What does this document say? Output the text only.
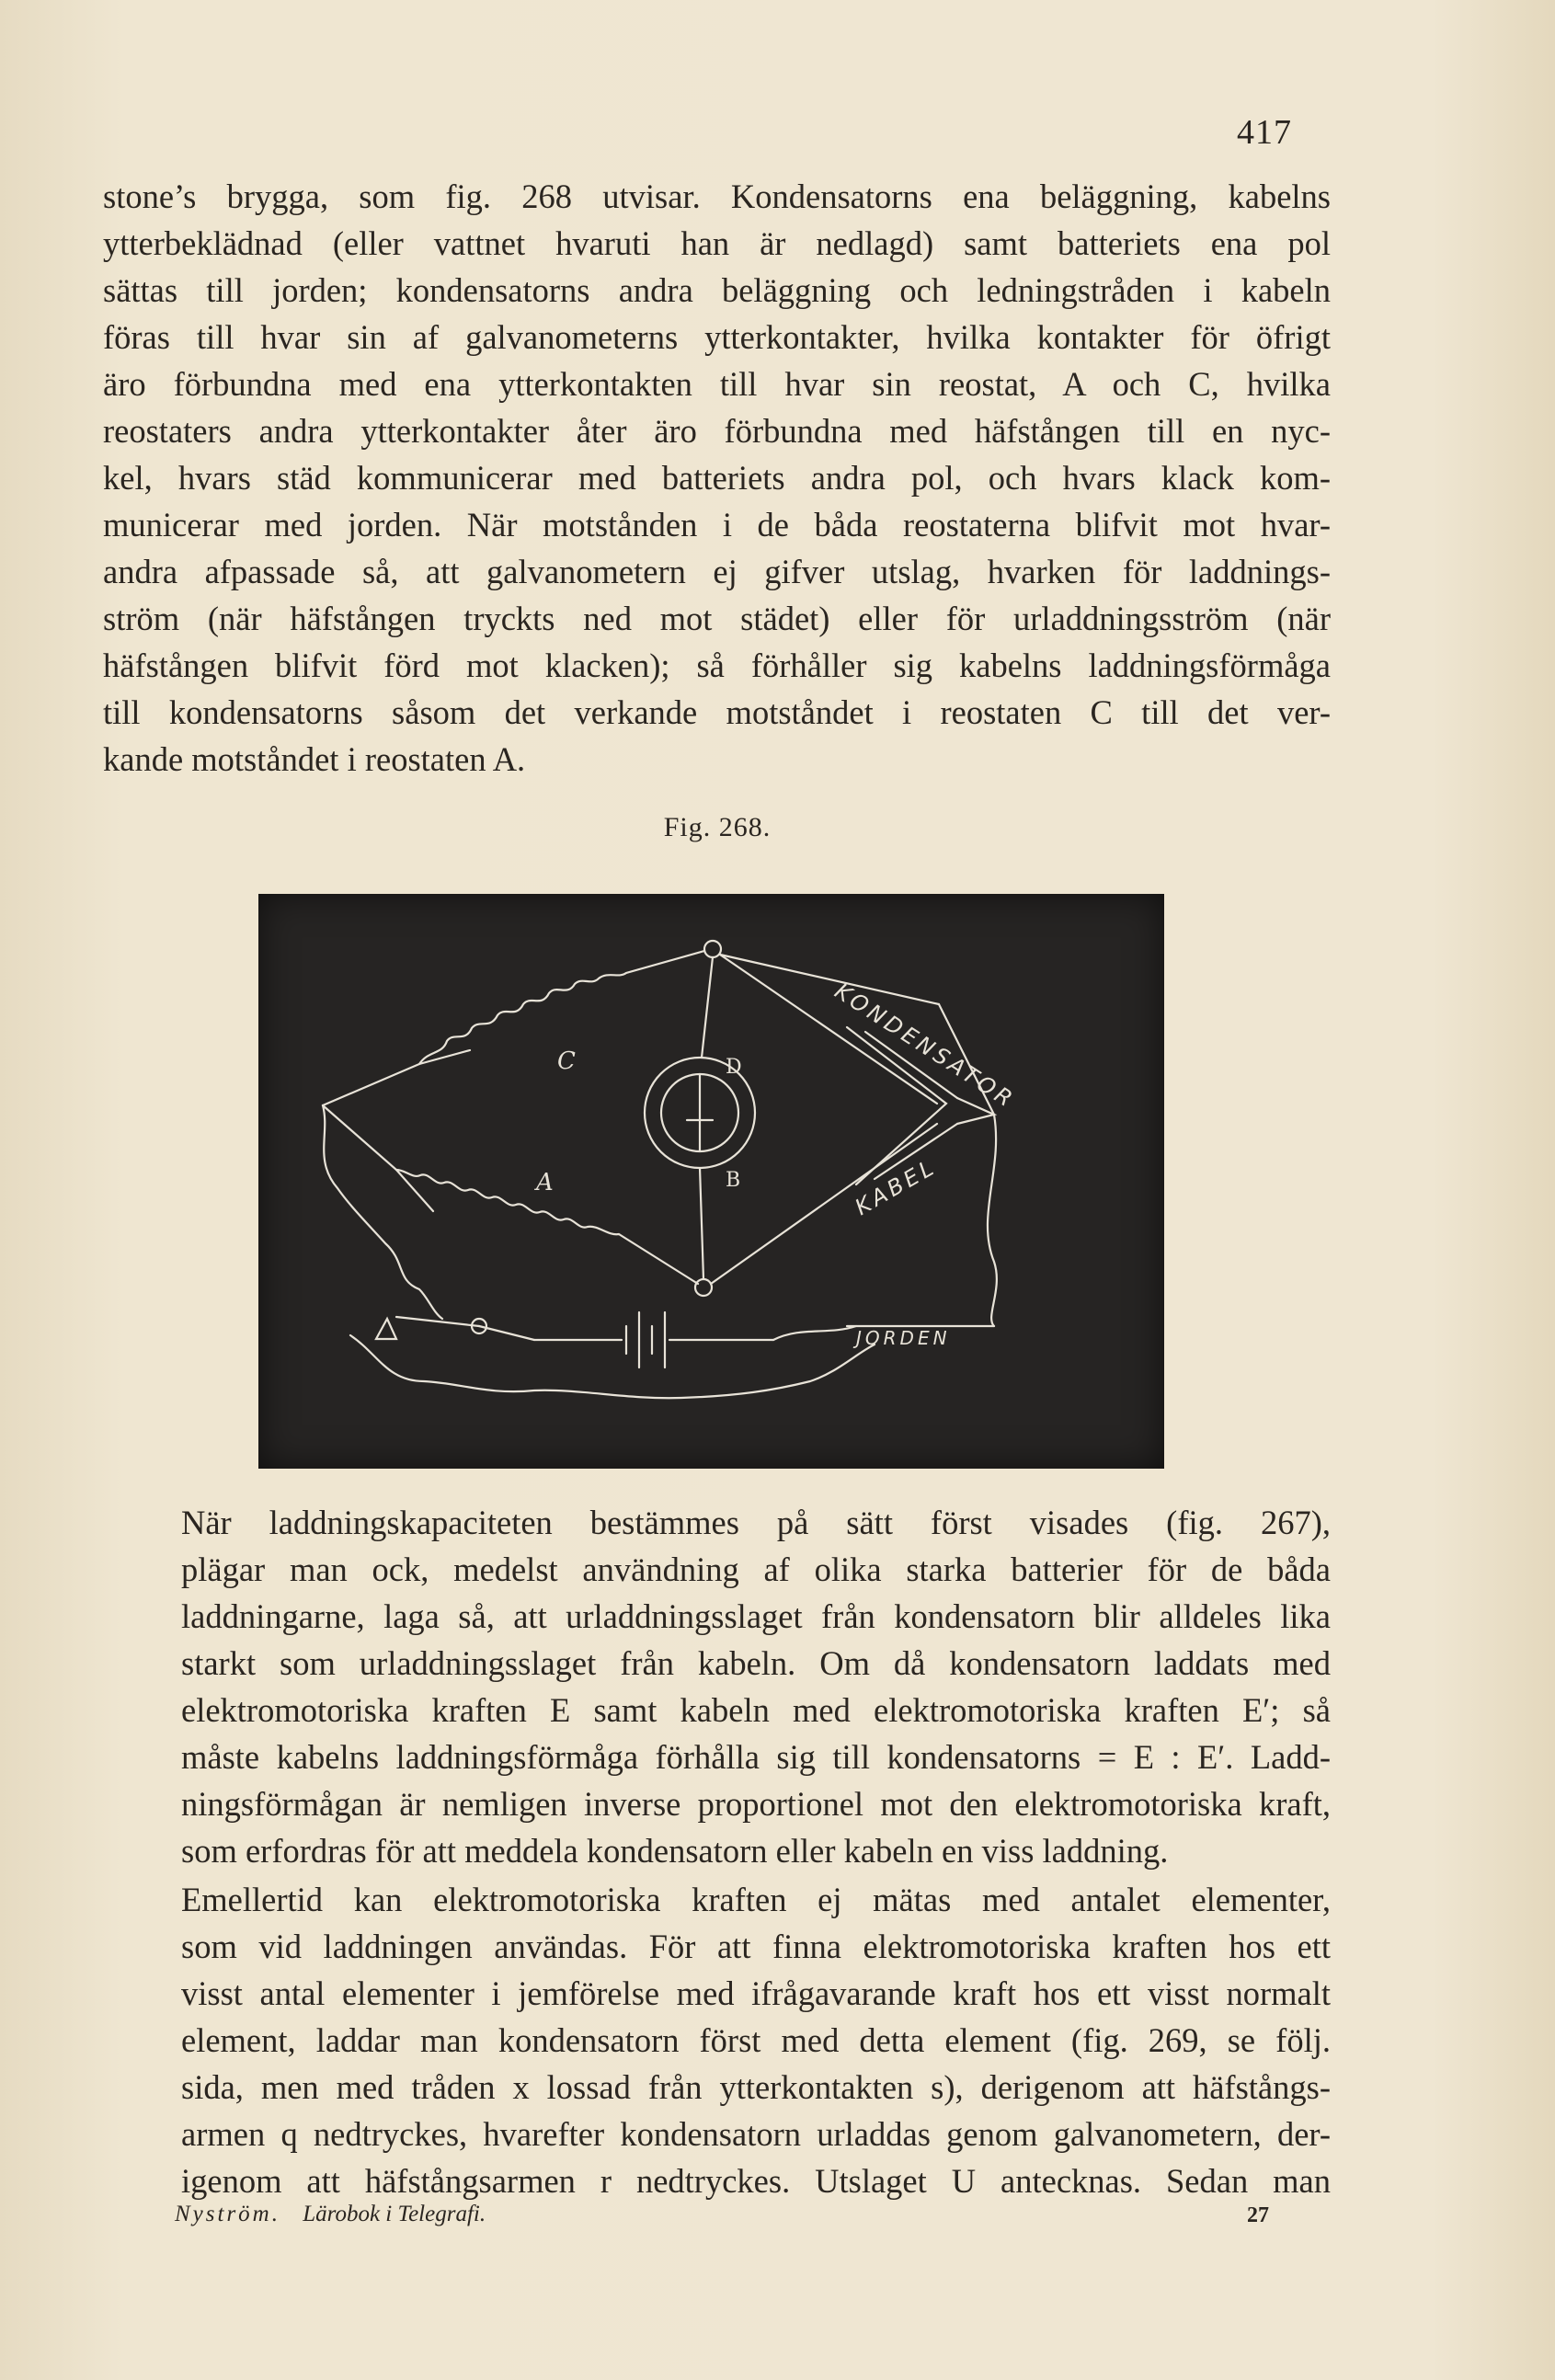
417
stone’s brygga, som fig. 268 utvisar. Kondensatorns ena beläggning, kabelns
ytterbeklädnad (eller vattnet hvaruti han är nedlagd) samt batteriets ena pol
sättas till jorden; kondensatorns andra beläggning och ledningstråden i kabeln
föras till hvar sin af galvanometerns ytterkontakter, hvilka kontakter för öfrigt
äro förbundna med ena ytterkontakten till hvar sin reostat, A och C, hvilka
reostaters andra ytterkontakter åter äro förbundna med häfstången till en nyc-
kel, hvars städ kommunicerar med batteriets andra pol, och hvars klack kom-
municerar med jorden. När motstånden i de båda reostaterna blifvit mot hvar-
andra afpassade så, att galvanometern ej gifver utslag, hvarken för laddnings-
ström (när häfstången tryckts ned mot städet) eller för urladdningsström (när
häfstången blifvit förd mot klacken); så förhåller sig kabelns laddningsförmåga
till kondensatorns såsom det verkande motståndet i reostaten C till det ver-
kande motståndet i reostaten A.
Fig. 268.
C	D
A	B
KONDENSATOR
KABEL
JORDEN
När laddningskapaciteten bestämmes på sätt först visades (fig. 267),
plägar man ock, medelst användning af olika starka batterier för de båda
laddningarne, laga så, att urladdningsslaget från kondensatorn blir alldeles lika
starkt som urladdningsslaget från kabeln. Om då kondensatorn laddats med
elektromotoriska kraften E samt kabeln med elektromotoriska kraften E′; så
måste kabelns laddningsförmåga förhålla sig till kondensatorns = E : E′. Ladd-
ningsförmågan är nemligen inverse proportionel mot den elektromotoriska kraft,
som erfordras för att meddela kondensatorn eller kabeln en viss laddning.
Emellertid kan elektromotoriska kraften ej mätas med antalet elementer,
som vid laddningen användas. För att finna elektromotoriska kraften hos ett
visst antal elementer i jemförelse med ifrågavarande kraft hos ett visst normalt
element, laddar man kondensatorn först med detta element (fig. 269, se följ.
sida, men med tråden x lossad från ytterkontakten s), derigenom att häfstångs-
armen q nedtryckes, hvarefter kondensatorn urladdas genom galvanometern, der-
igenom att häfstångsarmen r nedtryckes. Utslaget U antecknas. Sedan man
Nyström. Lärobok i Telegrafi.	27
